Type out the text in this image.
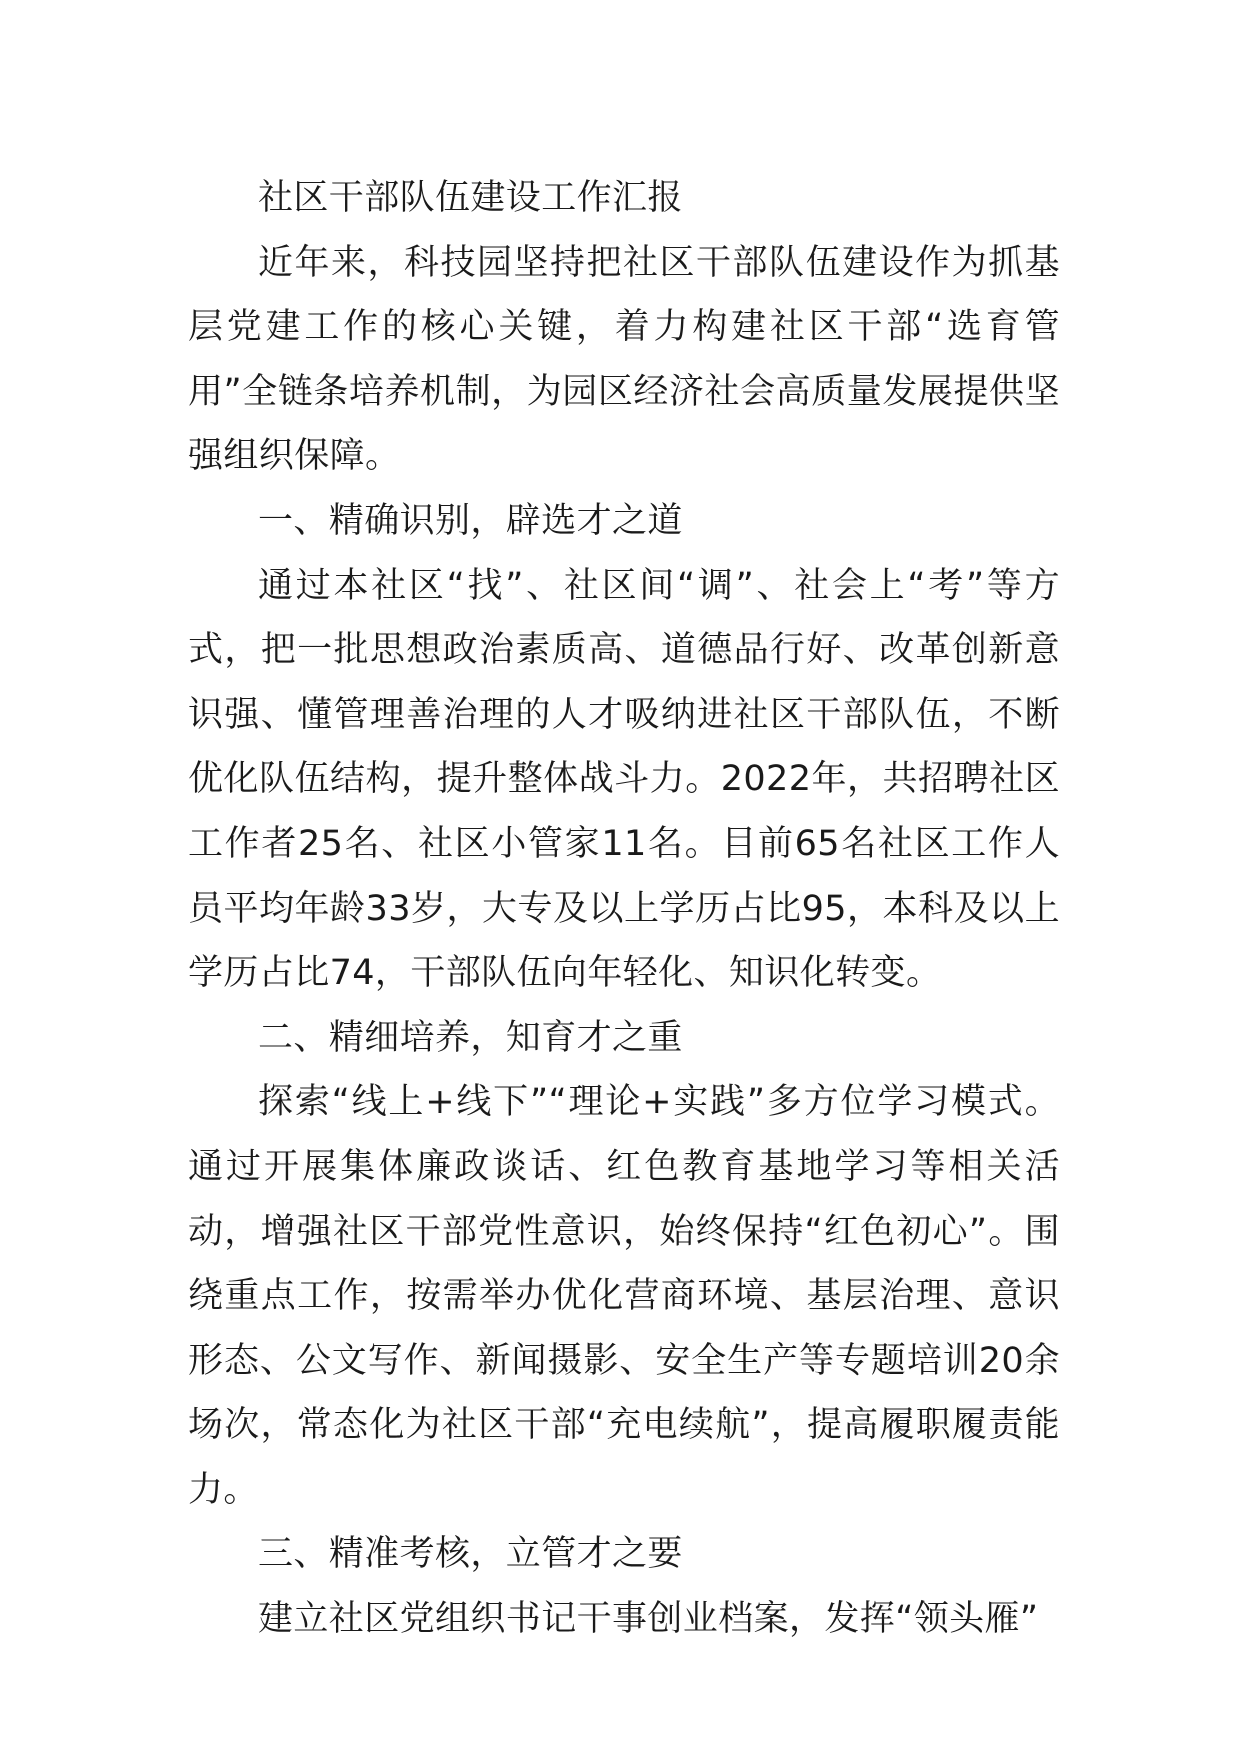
社区干部队伍建设工作汇报

近年来，科技园坚持把社区干部队伍建设作为抓基层党建工作的核心关键，着力构建社区干部“选育管用”全链条培养机制，为园区经济社会高质量发展提供坚强组织保障。

一、精确识别，辟选才之道

通过本社区“找”、社区间“调”、社会上“考”等方式，把一批思想政治素质高、道德品行好、改革创新意识强、懂管理善治理的人才吸纳进社区干部队伍，不断优化队伍结构，提升整体战斗力。2022年，共招聘社区工作者25名、社区小管家11名。目前65名社区工作人员平均年龄33岁，大专及以上学历占比95，本科及以上学历占比74，干部队伍向年轻化、知识化转变。

二、精细培养，知育才之重

探索“线上+线下”“理论+实践”多方位学习模式。通过开展集体廉政谈话、红色教育基地学习等相关活动，增强社区干部党性意识，始终保持“红色初心”。围绕重点工作，按需举办优化营商环境、基层治理、意识形态、公文写作、新闻摄影、安全生产等专题培训20余场次，常态化为社区干部“充电续航”，提高履职履责能力。

三、精准考核，立管才之要

建立社区党组织书记干事创业档案，发挥“领头雁”
